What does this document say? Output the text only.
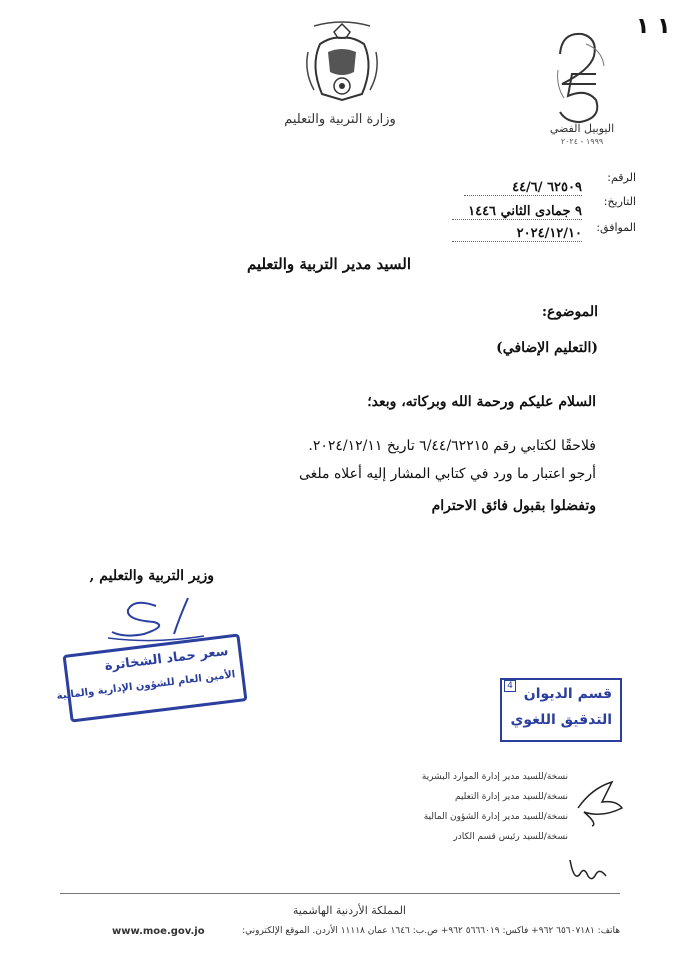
١ ١
وزارة التربية والتعليم
اليوبيل الفضي
١٩٩٩ - ٢٠٢٤
الرقم:
٦٢٥٠٩ /٤٤/٦
التاريخ:
٩ جمادى الثاني ١٤٤٦
الموافق:
٢٠٢٤/١٢/١٠
السيد مدير التربية والتعليم
الموضوع:
(التعليم الإضافي)
السلام عليكم ورحمة الله وبركاته، وبعد؛
فلاحقًا لكتابي رقم ٦/٤٤/٦٢٢١٥ تاريخ ٢٠٢٤/١٢/١١.
أرجو اعتبار ما ورد في كتابي المشار إليه أعلاه ملغى
وتفضلوا بقبول فائق الاحترام
وزير التربية والتعليم ,
سعر حماد الشخاترة
الأمين العام للشؤون الإدارية والمالية	4 قسم الديوان
التدقيق اللغوي
نسخة/للسيد مدير إدارة الموارد البشرية
نسخة/للسيد مدير إدارة التعليم
نسخة/للسيد مدير إدارة الشؤون المالية
نسخة/للسيد رئيس قسم الكادر
المملكة الأردنية الهاشمية
هاتف: ٦٥٦٠٧١٨١ ٩٦٢+ فاكس: ٥٦٦٦٠١٩ ٩٦٢+ ص.ب: ١٦٤٦ عمان ١١١١٨ الأردن. الموقع الإلكتروني:
www.moe.gov.jo
